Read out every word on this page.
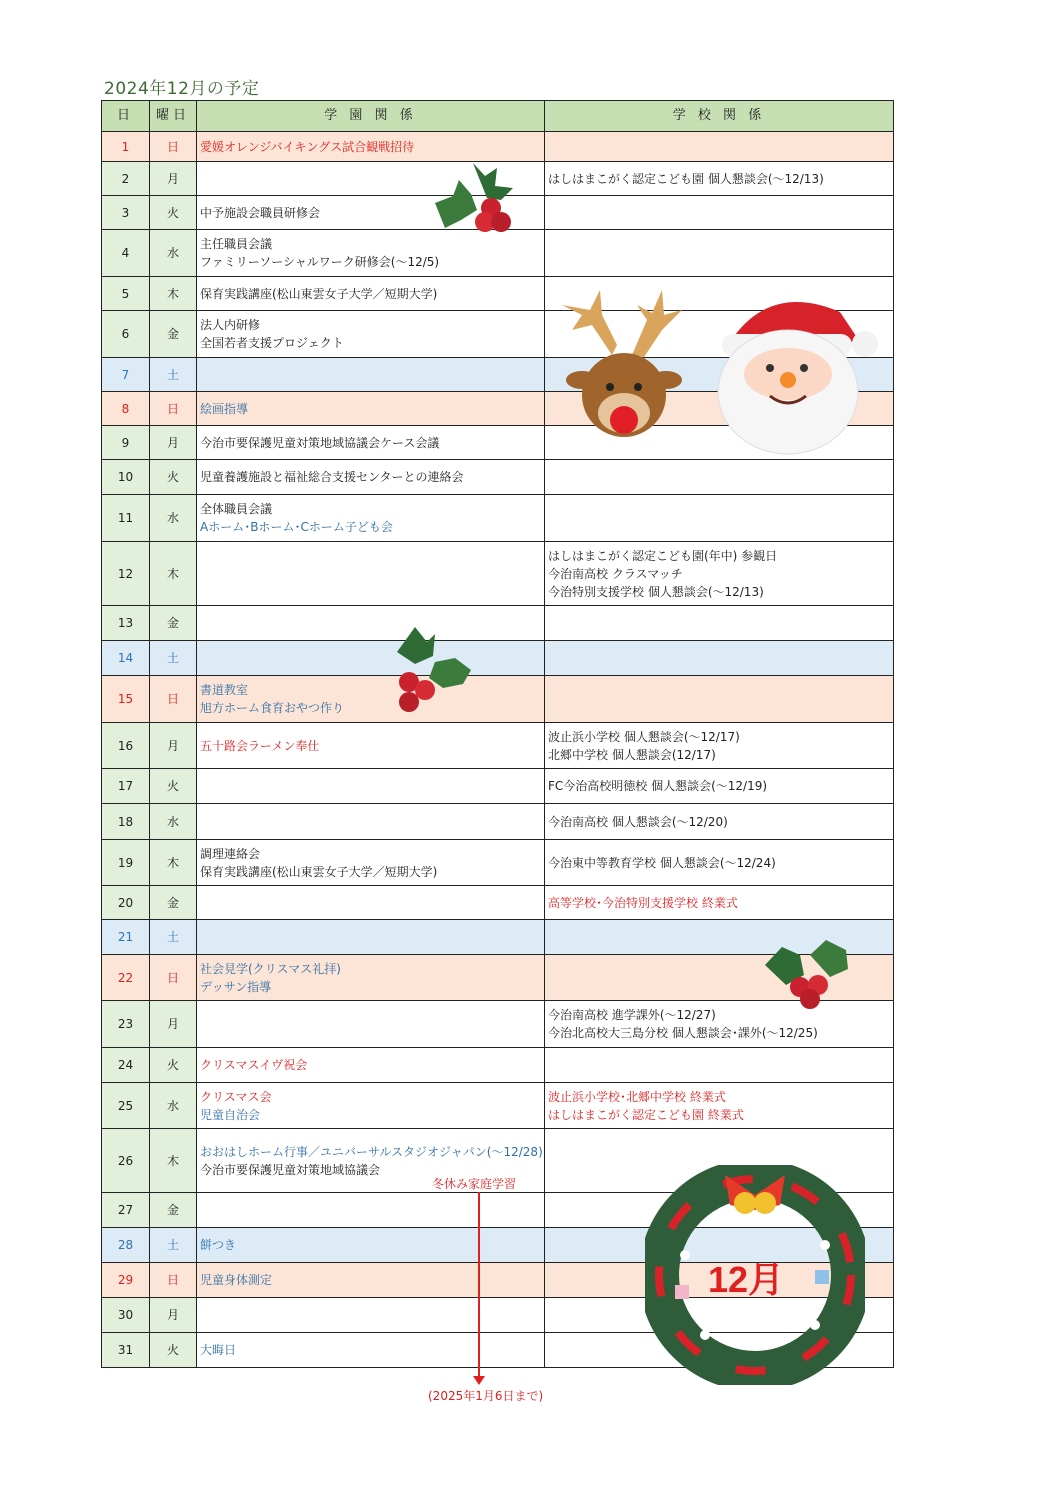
2024年12月の予定
日	曜日	学 園 関 係	学 校 関 係
1	日	愛媛オレンジバイキングス試合観戦招待	

2	月		はしはまこがく認定こども園 個人懇談会(～12/13)

3	火	中予施設会職員研修会	

4	水	主任職員会議
ファミリーソーシャルワーク研修会(～12/5)	

5	木	保育実践講座(松山東雲女子大学／短期大学)	

6	金	法人内研修
全国若者支援プロジェクト	

7	土		
8	日	絵画指導	

9	月	今治市要保護児童対策地域協議会ケース会議	

10	火	児童養護施設と福祉総合支援センターとの連絡会	

11	水	全体職員会議
Aホーム･Bホーム･Cホーム子ども会	

12	木		はしはまこがく認定こども園(年中) 参観日
今治南高校 クラスマッチ
今治特別支援学校 個人懇談会(～12/13)

13	金		
14	土		
15	日	書道教室
旭方ホーム食育おやつ作り	

16	月	五十路会ラーメン奉仕	波止浜小学校 個人懇談会(～12/17)
北郷中学校 個人懇談会(12/17)

17	火		FC今治高校明徳校 個人懇談会(～12/19)

18	水		今治南高校 個人懇談会(～12/20)

19	木	調理連絡会
保育実践講座(松山東雲女子大学／短期大学)	今治東中等教育学校 個人懇談会(～12/24)

20	金		高等学校･今治特別支援学校 終業式

21	土		
22	日	社会見学(クリスマス礼拝)
デッサン指導	

23	月		今治南高校 進学課外(～12/27)
今治北高校大三島分校 個人懇談会･課外(～12/25)

24	火	クリスマスイヴ祝会	

25	水	クリスマス会
児童自治会	波止浜小学校･北郷中学校 終業式
はしはまこがく認定こども園 終業式

26	木	おおはしホーム行事／ユニバーサルスタジオジャパン(～12/28)
今治市要保護児童対策地域協議会	

27	金		
28	土	餅つき	

29	日	児童身体測定	

30	月		
31	火	大晦日	

12月
冬休み家庭学習
(2025年1月6日まで)
